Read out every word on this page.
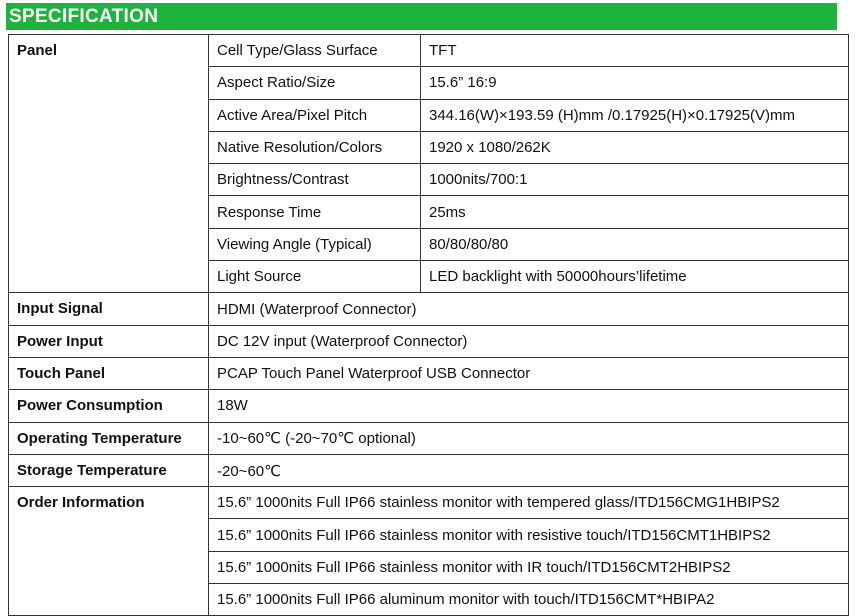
SPECIFICATION
Panel	Cell Type/Glass Surface	TFT
	Aspect Ratio/Size	15.6” 16:9
	Active Area/Pixel Pitch	344.16(W)×193.59 (H)mm /0.17925(H)×0.17925(V)mm
	Native Resolution/Colors	1920 x 1080/262K
	Brightness/Contrast	1000nits/700:1
	Response Time	25ms
	Viewing Angle (Typical)	80/80/80/80
	Light Source	LED backlight with 50000hours’lifetime
Input Signal	HDMI (Waterproof Connector)	
Power Input	DC 12V input (Waterproof Connector)	
Touch Panel	PCAP Touch Panel Waterproof USB Connector	
Power Consumption	18W	
Operating Temperature	-10~60℃ (-20~70℃ optional)	
Storage Temperature	-20~60℃	
Order Information	15.6” 1000nits Full IP66 stainless monitor with tempered glass/ITD156CMG1HBIPS2	
	15.6” 1000nits Full IP66 stainless monitor with resistive touch/ITD156CMT1HBIPS2	
	15.6” 1000nits Full IP66 stainless monitor with IR touch/ITD156CMT2HBIPS2	
	15.6” 1000nits Full IP66 aluminum monitor with touch/ITD156CMT*HBIPA2	
